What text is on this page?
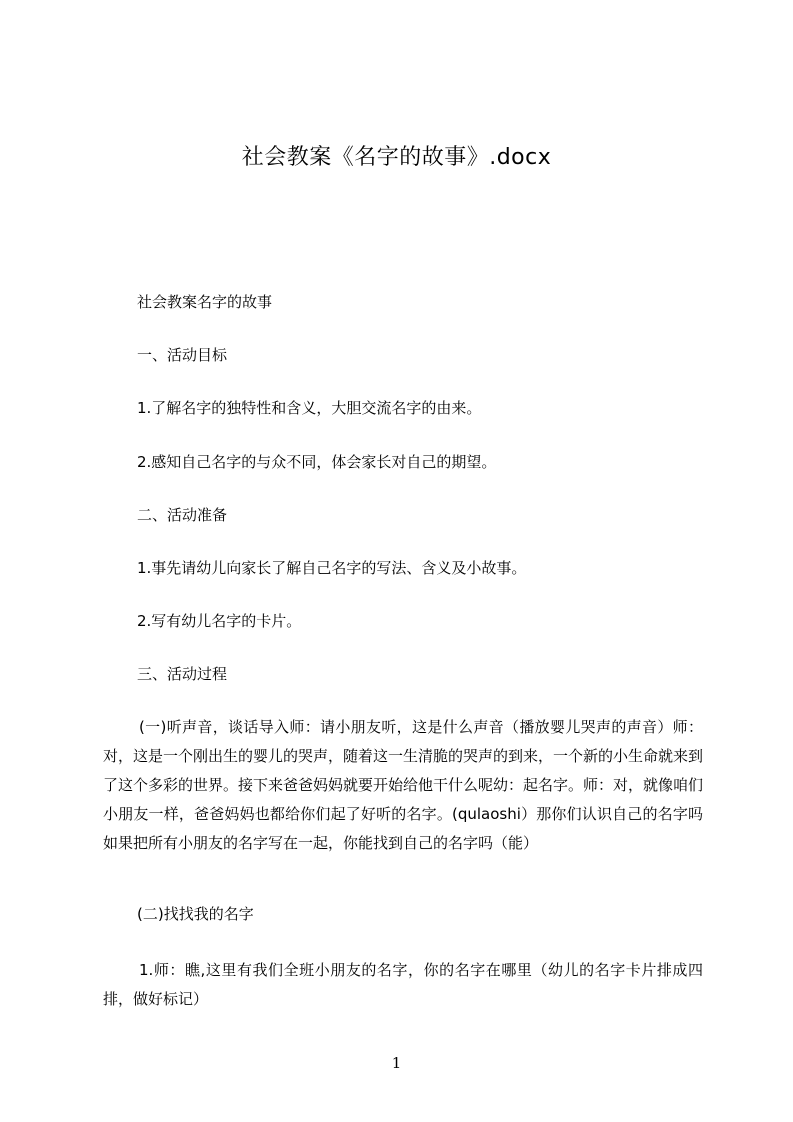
社会教案《名字的故事》.docx

社会教案名字的故事

一、活动目标

1.了解名字的独特性和含义，大胆交流名字的由来。

2.感知自己名字的与众不同，体会家长对自己的期望。

二、活动准备

1.事先请幼儿向家长了解自己名字的写法、含义及小故事。

2.写有幼儿名字的卡片。

三、活动过程

(一)听声音，谈话导入师：请小朋友听，这是什么声音（播放婴儿哭声的声音）师：对，这是一个刚出生的婴儿的哭声，随着这一生清脆的哭声的到来，一个新的小生命就来到了这个多彩的世界。接下来爸爸妈妈就要开始给他干什么呢幼：起名字。师：对，就像咱们小朋友一样，爸爸妈妈也都给你们起了好听的名字。(qulaoshi）那你们认识自己的名字吗如果把所有小朋友的名字写在一起，你能找到自己的名字吗（能）

(二)找找我的名字

1.师：瞧,这里有我们全班小朋友的名字，你的名字在哪里（幼儿的名字卡片排成四排，做好标记）

1
